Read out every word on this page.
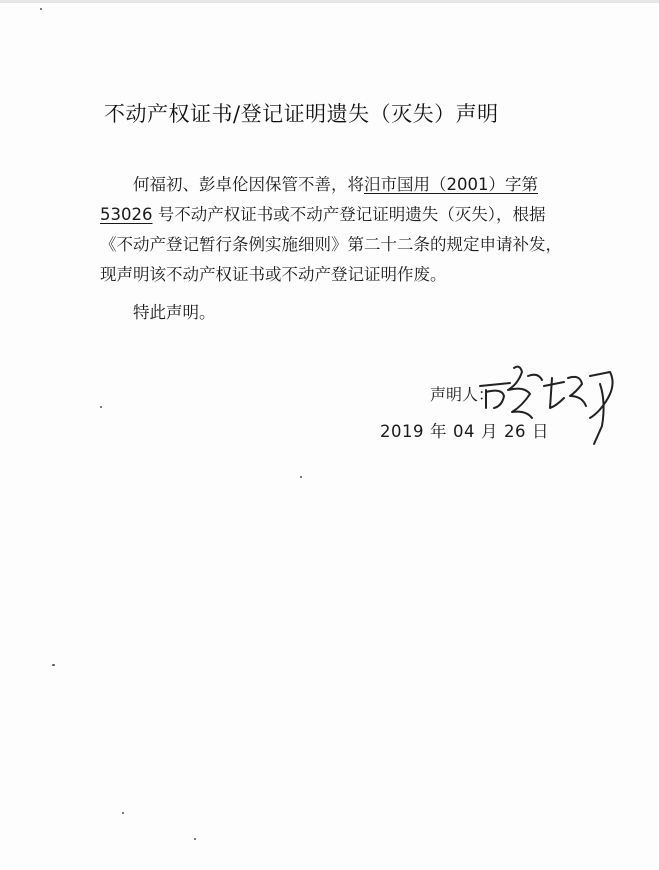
不动产权证书/登记证明遗失（灭失）声明

何福初、彭卓伦因保管不善，将汨市国用（2001）字第53026 号不动产权证书或不动产登记证明遗失（灭失），根据《不动产登记暂行条例实施细则》第二十二条的规定申请补发，现声明该不动产权证书或不动产登记证明作废。

特此声明。

声明人：
2019 年 04 月 26 日
